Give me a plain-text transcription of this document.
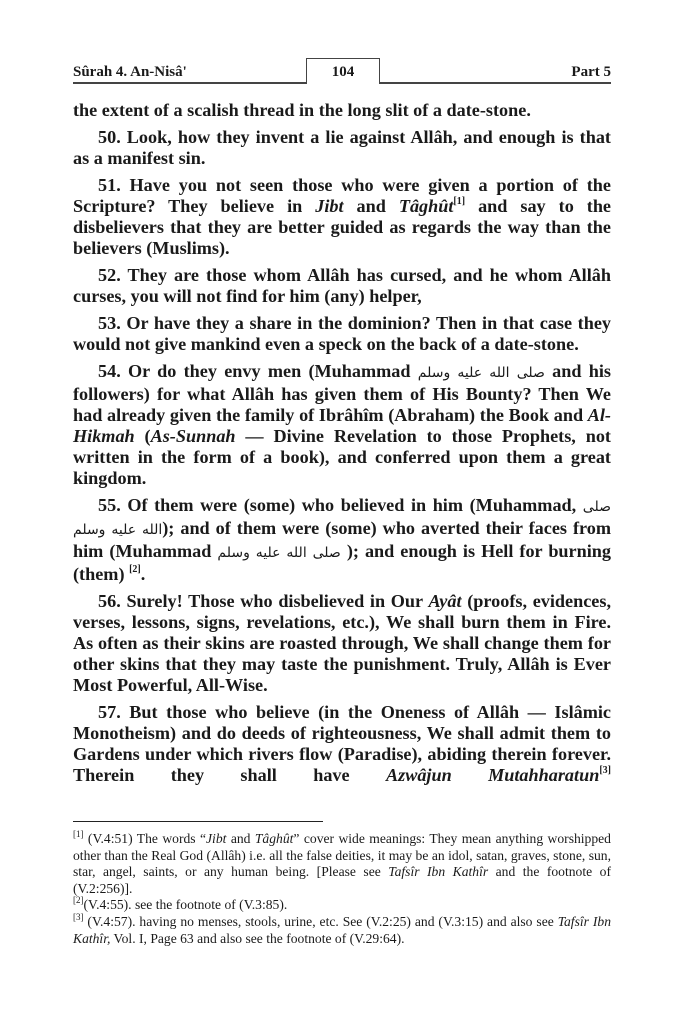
Sûrah 4. An-Nisâ'	104	Part 5

the extent of a scalish thread in the long slit of a date-stone.

50. Look, how they invent a lie against Allâh, and enough is that as a manifest sin.

51. Have you not seen those who were given a portion of the Scripture? They believe in Jibt and Tâghût[1] and say to the disbelievers that they are better guided as regards the way than the believers (Muslims).

52. They are those whom Allâh has cursed, and he whom Allâh curses, you will not find for him (any) helper,

53. Or have they a share in the dominion? Then in that case they would not give mankind even a speck on the back of a date-stone.

54. Or do they envy men (Muhammad صلى الله عليه وسلم and his followers) for what Allâh has given them of His Bounty? Then We had already given the family of Ibrâhîm (Abraham) the Book and Al-Hikmah (As-Sunnah — Divine Revelation to those Prophets, not written in the form of a book), and conferred upon them a great kingdom.

55. Of them were (some) who believed in him (Muhammad, صلى الله عليه وسلم); and of them were (some) who averted their faces from him (Muhammad صلى الله عليه وسلم ); and enough is Hell for burning (them) [2].

56. Surely! Those who disbelieved in Our Ayât (proofs, evidences, verses, lessons, signs, revelations, etc.), We shall burn them in Fire. As often as their skins are roasted through, We shall change them for other skins that they may taste the punishment. Truly, Allâh is Ever Most Powerful, All-Wise.

57. But those who believe (in the Oneness of Allâh — Islâmic Monotheism) and do deeds of righteousness, We shall admit them to Gardens under which rivers flow (Paradise), abiding therein forever. Therein they shall have Azwâjun Mutahharatun[3]

[1] (V.4:51) The words “Jibt and Tâghût” cover wide meanings: They mean anything worshipped other than the Real God (Allâh) i.e. all the false deities, it may be an idol, satan, graves, stone, sun, star, angel, saints, or any human being. [Please see Tafsîr Ibn Kathîr and the footnote of (V.2:256)].

[2](V.4:55). see the footnote of (V.3:85).

[3] (V.4:57). having no menses, stools, urine, etc. See (V.2:25) and (V.3:15) and also see Tafsîr Ibn Kathîr, Vol. I, Page 63 and also see the footnote of (V.29:64).
